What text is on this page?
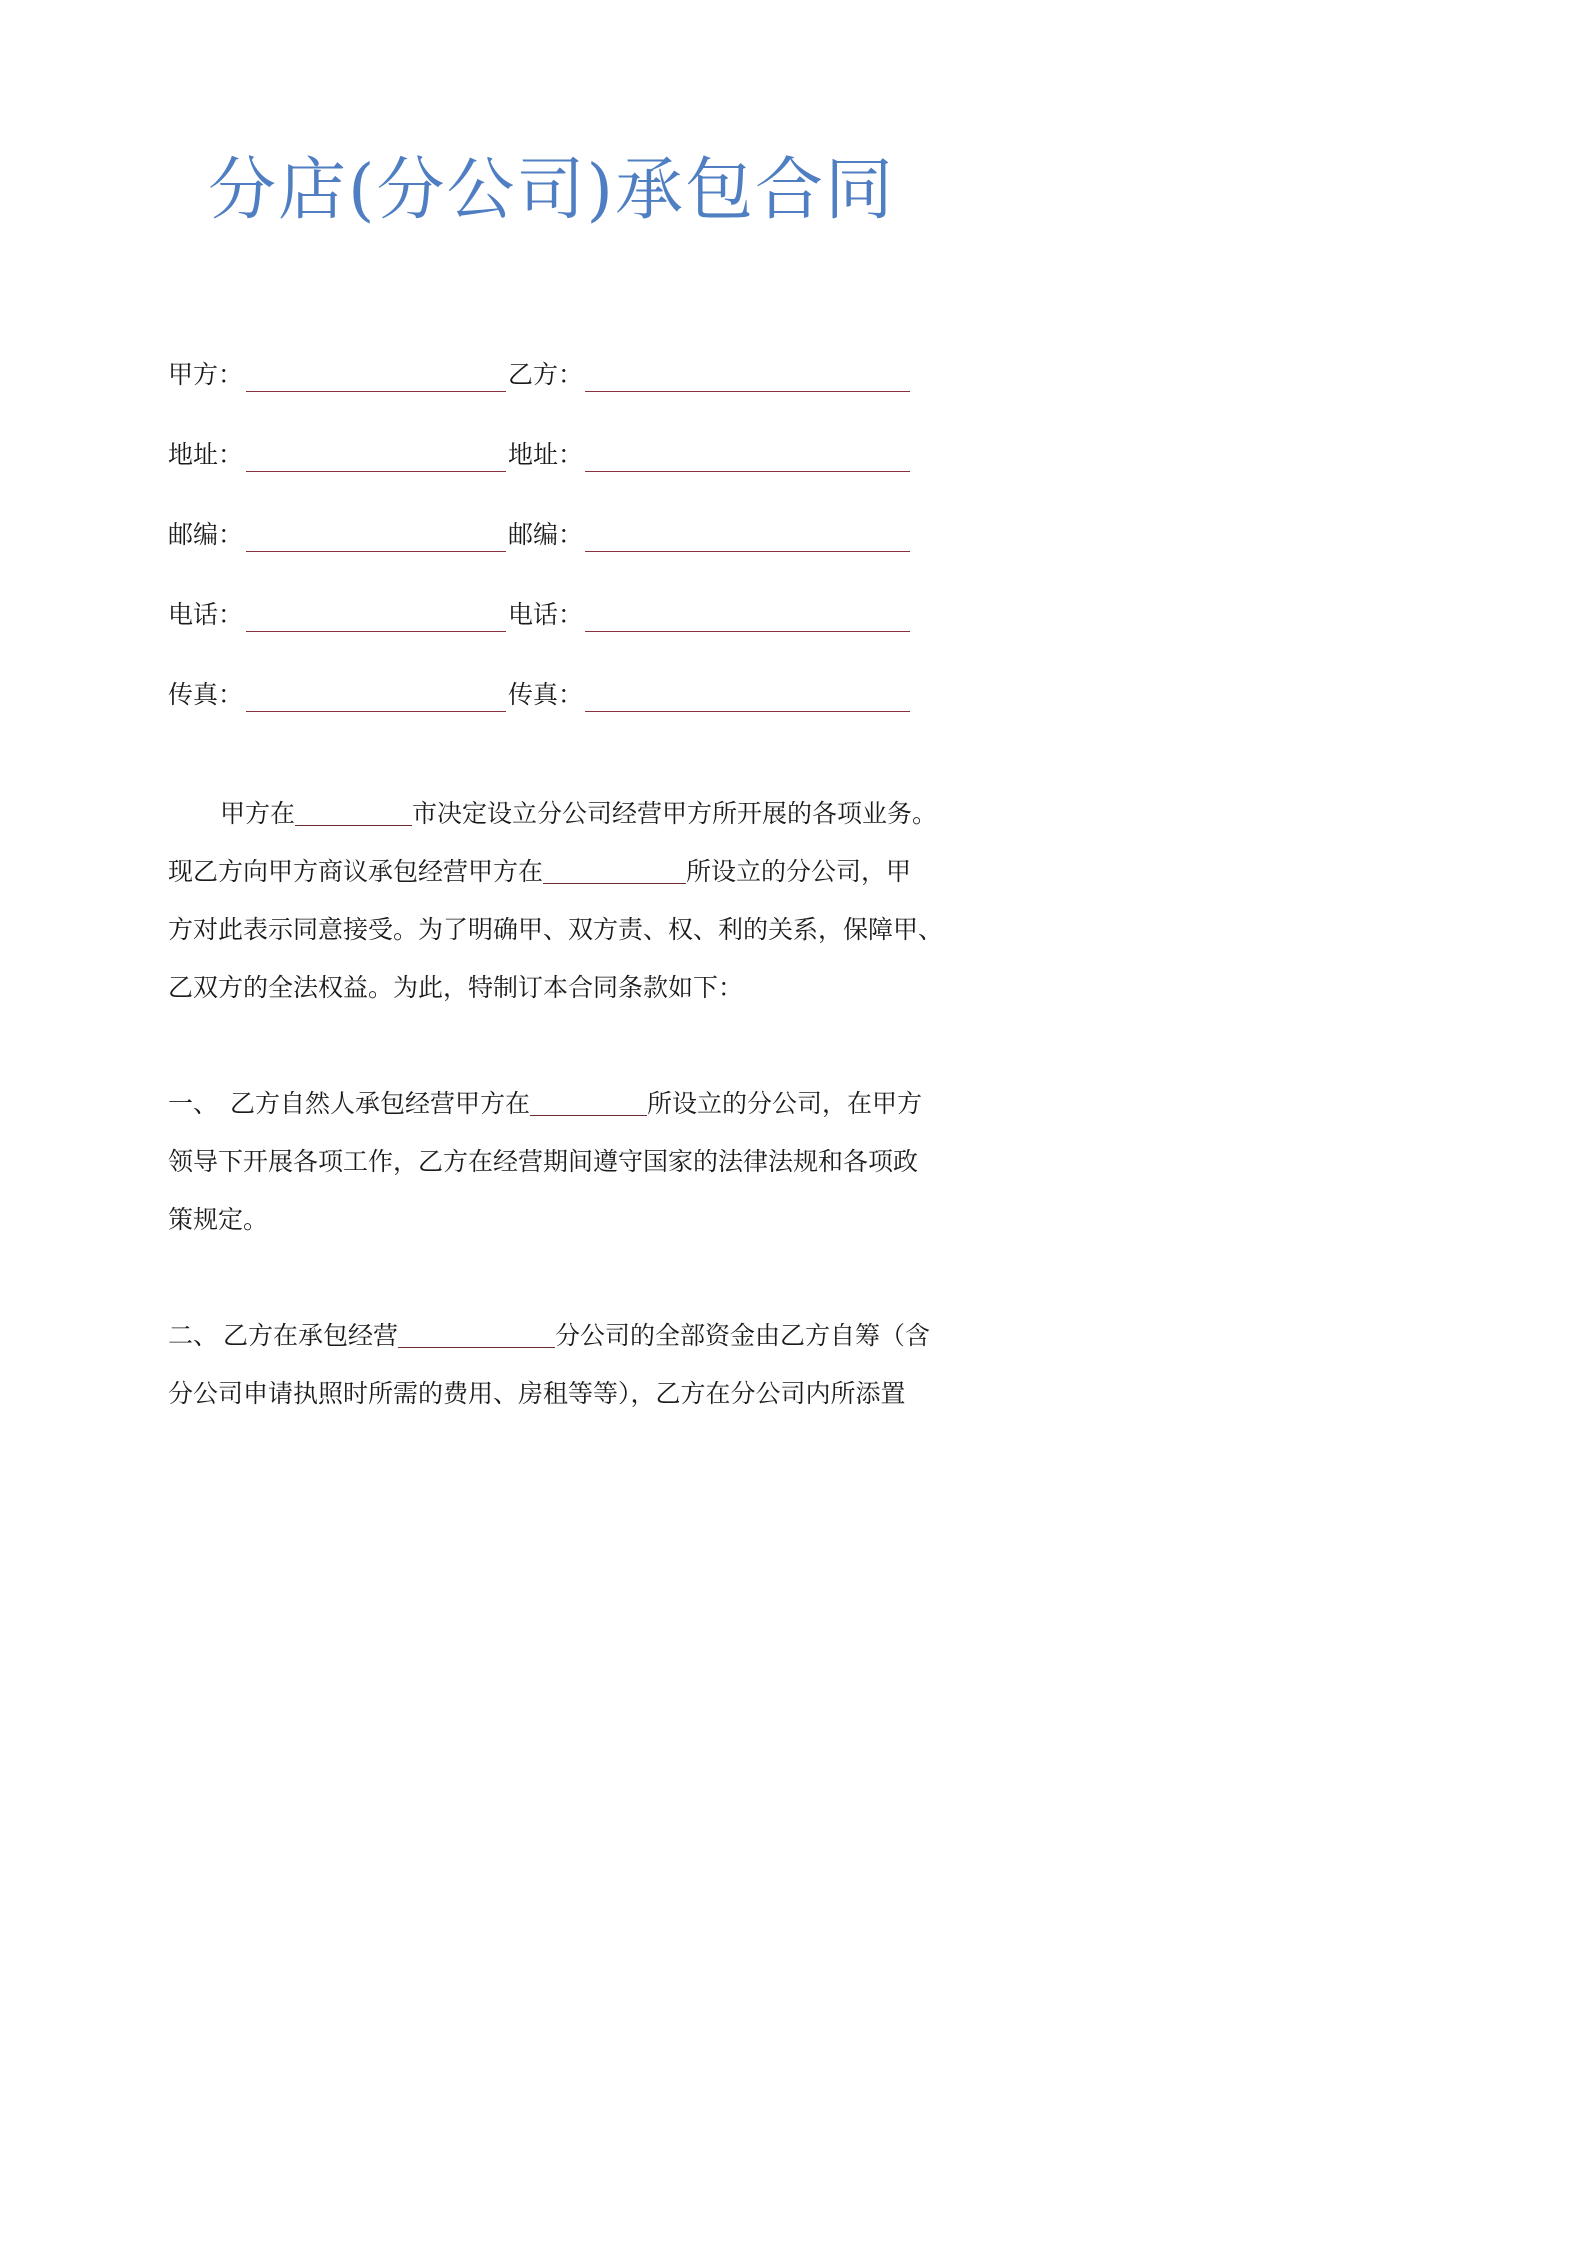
分店(分公司)承包合同
甲方：	乙方：
地址：	地址：
邮编：	邮编：
电话：	电话：
传真：	传真：
甲方在	市决定设立分公司经营甲方所开展的各项业务。
现乙方向甲方商议承包经营甲方在	所设立的分公司，甲
方对此表示同意接受。为了明确甲、双方责、权、利的关系，保障甲、
乙双方的全法权益。为此，特制订本合同条款如下：
一、 乙方自然人承包经营甲方在	所设立的分公司，在甲方
领导下开展各项工作，乙方在经营期间遵守国家的法律法规和各项政
策规定。
二、 乙方在承包经营	分公司的全部资金由乙方自筹（含
分公司申请执照时所需的费用、房租等等），乙方在分公司内所添置
